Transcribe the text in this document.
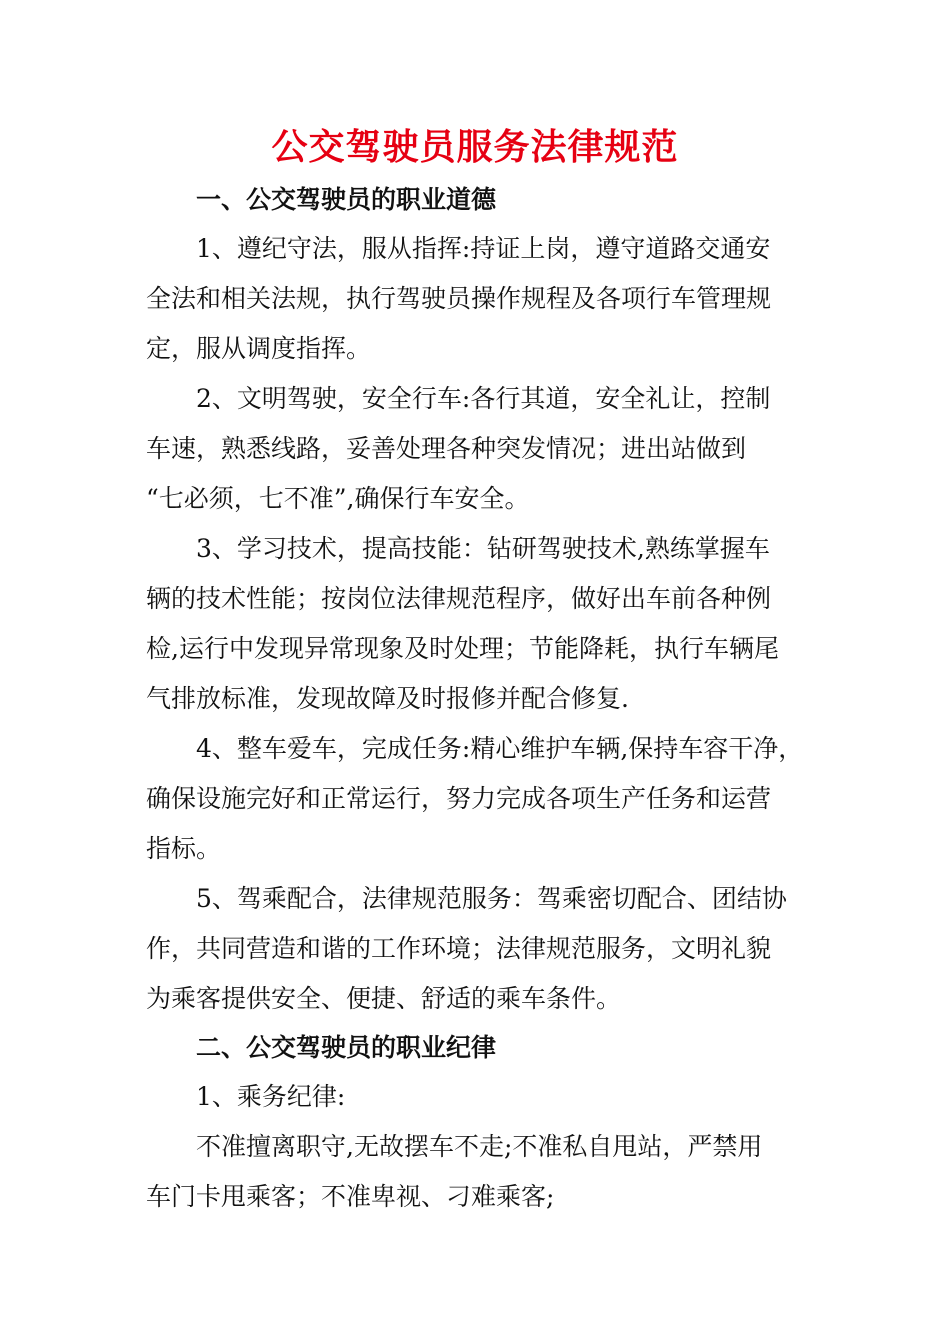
公交驾驶员服务法律规范
一、公交驾驶员的职业道德
1、遵纪守法，服从指挥:持证上岗，遵守道路交通安
全法和相关法规，执行驾驶员操作规程及各项行车管理规
定，服从调度指挥。
2、文明驾驶，安全行车:各行其道，安全礼让，控制
车速，熟悉线路，妥善处理各种突发情况；进出站做到
“七必须，七不准”,确保行车安全。
3、学习技术，提高技能：钻研驾驶技术,熟练掌握车
辆的技术性能；按岗位法律规范程序，做好出车前各种例
检,运行中发现异常现象及时处理；节能降耗，执行车辆尾
气排放标准，发现故障及时报修并配合修复.
4、整车爱车，完成任务:精心维护车辆,保持车容干净，
确保设施完好和正常运行，努力完成各项生产任务和运营
指标。
5、驾乘配合，法律规范服务：驾乘密切配合、团结协
作，共同营造和谐的工作环境；法律规范服务，文明礼貌
为乘客提供安全、便捷、舒适的乘车条件。
二、公交驾驶员的职业纪律
1、乘务纪律:
不准擅离职守,无故摆车不走;不准私自甩站，严禁用
车门卡甩乘客；不准卑视、刁难乘客;
